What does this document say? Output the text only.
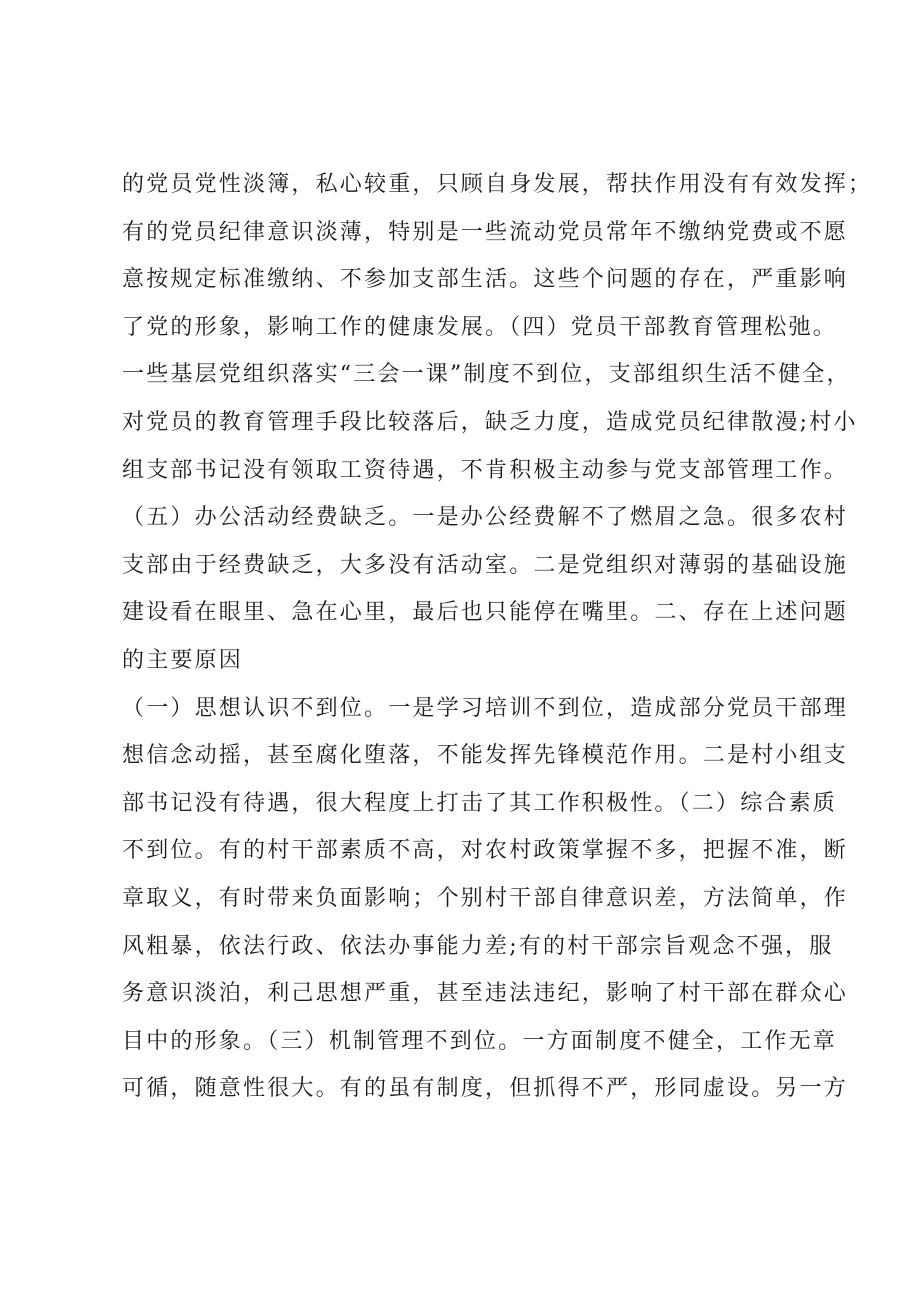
的党员党性淡簿，私心较重，只顾自身发展，帮扶作用没有有效发挥；
有的党员纪律意识淡薄，特别是一些流动党员常年不缴纳党费或不愿
意按规定标准缴纳、不参加支部生活。这些个问题的存在，严重影响
了党的形象，影响工作的健康发展。（四）党员干部教育管理松弛。
一些基层党组织落实“三会一课”制度不到位，支部组织生活不健全，
对党员的教育管理手段比较落后，缺乏力度，造成党员纪律散漫;村小
组支部书记没有领取工资待遇，不肯积极主动参与党支部管理工作。
（五）办公活动经费缺乏。一是办公经费解不了燃眉之急。很多农村
支部由于经费缺乏，大多没有活动室。二是党组织对薄弱的基础设施
建设看在眼里、急在心里，最后也只能停在嘴里。二、存在上述问题
的主要原因
（一）思想认识不到位。一是学习培训不到位，造成部分党员干部理
想信念动摇，甚至腐化堕落，不能发挥先锋模范作用。二是村小组支
部书记没有待遇，很大程度上打击了其工作积极性。（二）综合素质
不到位。有的村干部素质不高，对农村政策掌握不多，把握不准，断
章取义，有时带来负面影响；个别村干部自律意识差，方法简单，作
风粗暴，依法行政、依法办事能力差;有的村干部宗旨观念不强，服
务意识淡泊，利己思想严重，甚至违法违纪，影响了村干部在群众心
目中的形象。（三）机制管理不到位。一方面制度不健全，工作无章
可循，随意性很大。有的虽有制度，但抓得不严，形同虚设。另一方
